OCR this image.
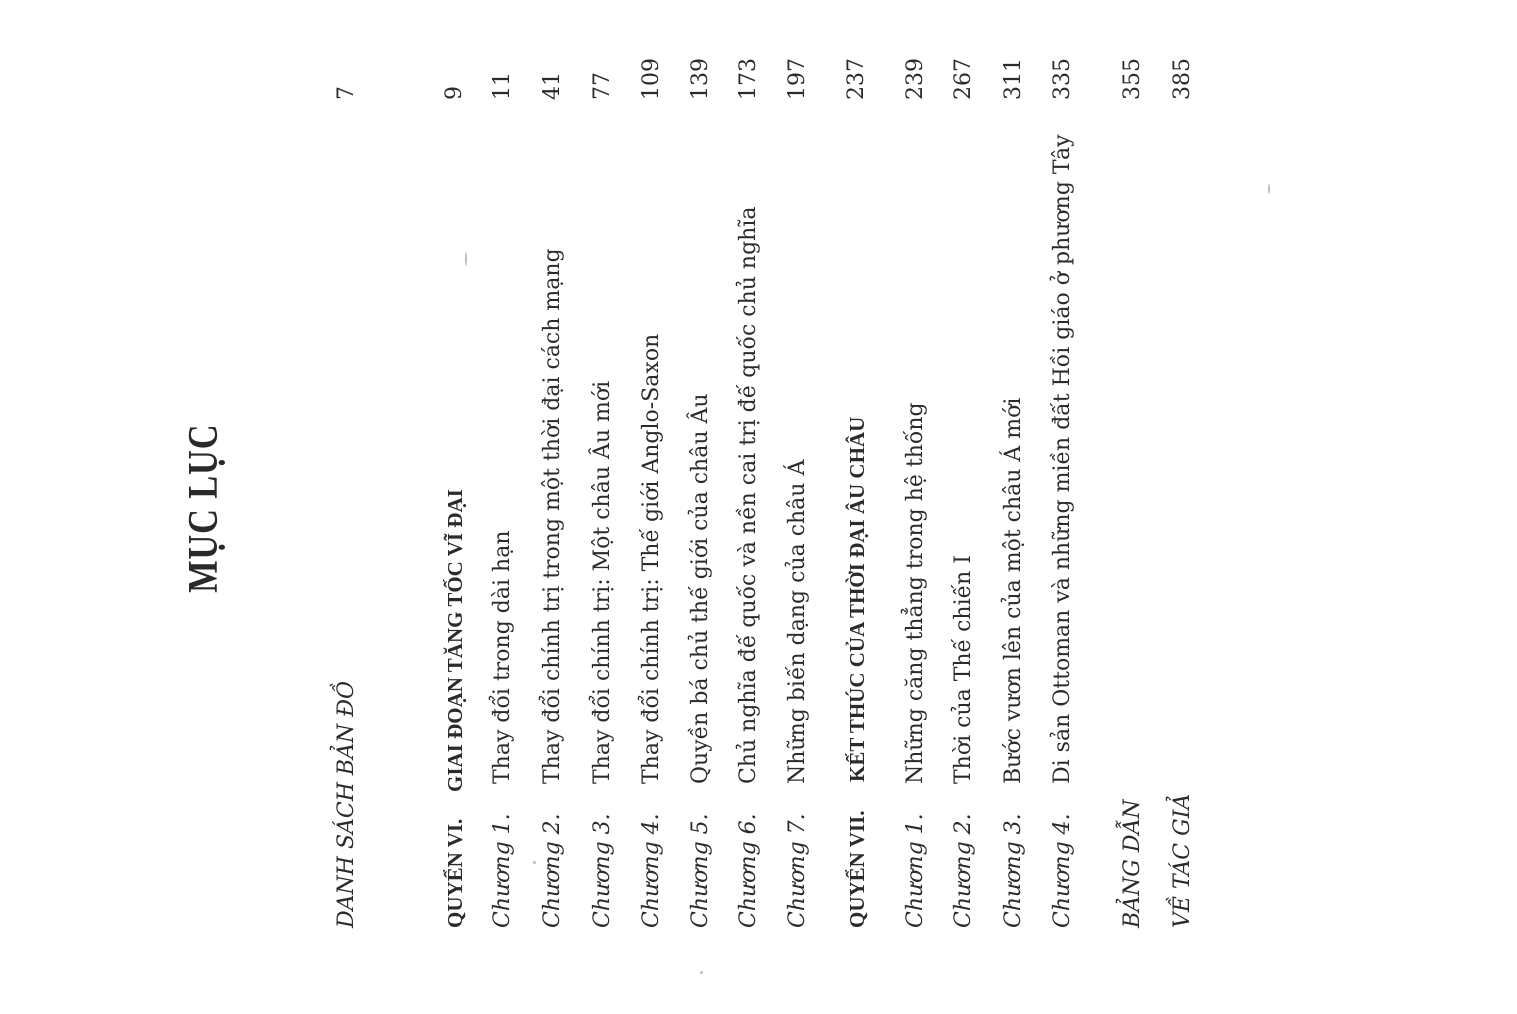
MỤC LỤC
DANH SÁCH BẢN ĐỒ
7
QUYỂN VI.
GIAI ĐOẠN TĂNG TỐC VĨ ĐẠI
9
Chương 1.
Thay đổi trong dài hạn
11
Chương 2.
Thay đổi chính trị trong một thời đại cách mạng
41
Chương 3.
Thay đổi chính trị: Một châu Âu mới
77
Chương 4.
Thay đổi chính trị: Thế giới Anglo-Saxon
109
Chương 5.
Quyền bá chủ thế giới của châu Âu
139
Chương 6.
Chủ nghĩa đế quốc và nền cai trị đế quốc chủ nghĩa
173
Chương 7.
Những biến dạng của châu Á
197
QUYỂN VII.
KẾT THÚC CỦA THỜI ĐẠI ÂU CHÂU
237
Chương 1.
Những căng thẳng trong hệ thống
239
Chương 2.
Thời của Thế chiến I
267
Chương 3.
Bước vươn lên của một châu Á mới
311
Chương 4.
Di sản Ottoman và những miền đất Hồi giáo ở phương Tây
335
BẢNG DẪN
355
VỀ TÁC GIẢ
385
